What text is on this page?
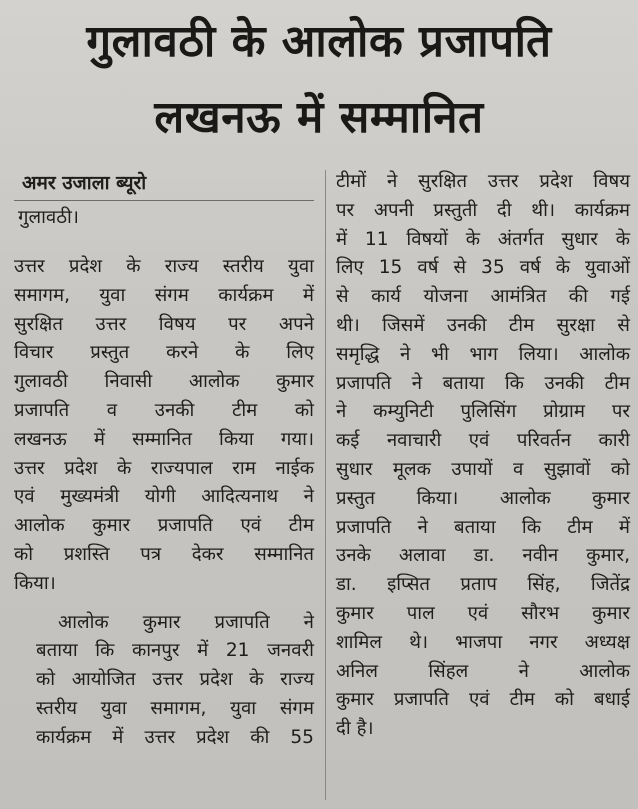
गुलावठी के आलोक प्रजापति
लखनऊ में सम्मानित
अमर उजाला ब्यूरो
गुलावठी।
उत्तर प्रदेश के राज्य स्तरीय युवा
समागम, युवा संगम कार्यक्रम में
सुरक्षित उत्तर विषय पर अपने
विचार प्रस्तुत करने के लिए
गुलावठी निवासी आलोक कुमार
प्रजापति व उनकी टीम को
लखनऊ में सम्मानित किया गया।
उत्तर प्रदेश के राज्यपाल राम नाईक
एवं मुख्यमंत्री योगी आदित्यनाथ ने
आलोक कुमार प्रजापति एवं टीम
को प्रशस्ति पत्र देकर सम्मानित
किया।
आलोक कुमार प्रजापति ने
बताया कि कानपुर में 21 जनवरी
को आयोजित उत्तर प्रदेश के राज्य
स्तरीय युवा समागम, युवा संगम
कार्यक्रम में उत्तर प्रदेश की 55
टीमों ने सुरक्षित उत्तर प्रदेश विषय
पर अपनी प्रस्तुती दी थी। कार्यक्रम
में 11 विषयों के अंतर्गत सुधार के
लिए 15 वर्ष से 35 वर्ष के युवाओं
से कार्य योजना आमंत्रित की गई
थी। जिसमें उनकी टीम सुरक्षा से
समृद्धि ने भी भाग लिया। आलोक
प्रजापति ने बताया कि उनकी टीम
ने कम्युनिटी पुलिसिंग प्रोग्राम पर
कई नवाचारी एवं परिवर्तन कारी
सुधार मूलक उपायों व सुझावों को
प्रस्तुत किया। आलोक कुमार
प्रजापति ने बताया कि टीम में
उनके अलावा डा. नवीन कुमार,
डा. इप्सित प्रताप सिंह, जितेंद्र
कुमार पाल एवं सौरभ कुमार
शामिल थे। भाजपा नगर अध्यक्ष
अनिल सिंहल ने आलोक
कुमार प्रजापति एवं टीम को बधाई
दी है।
